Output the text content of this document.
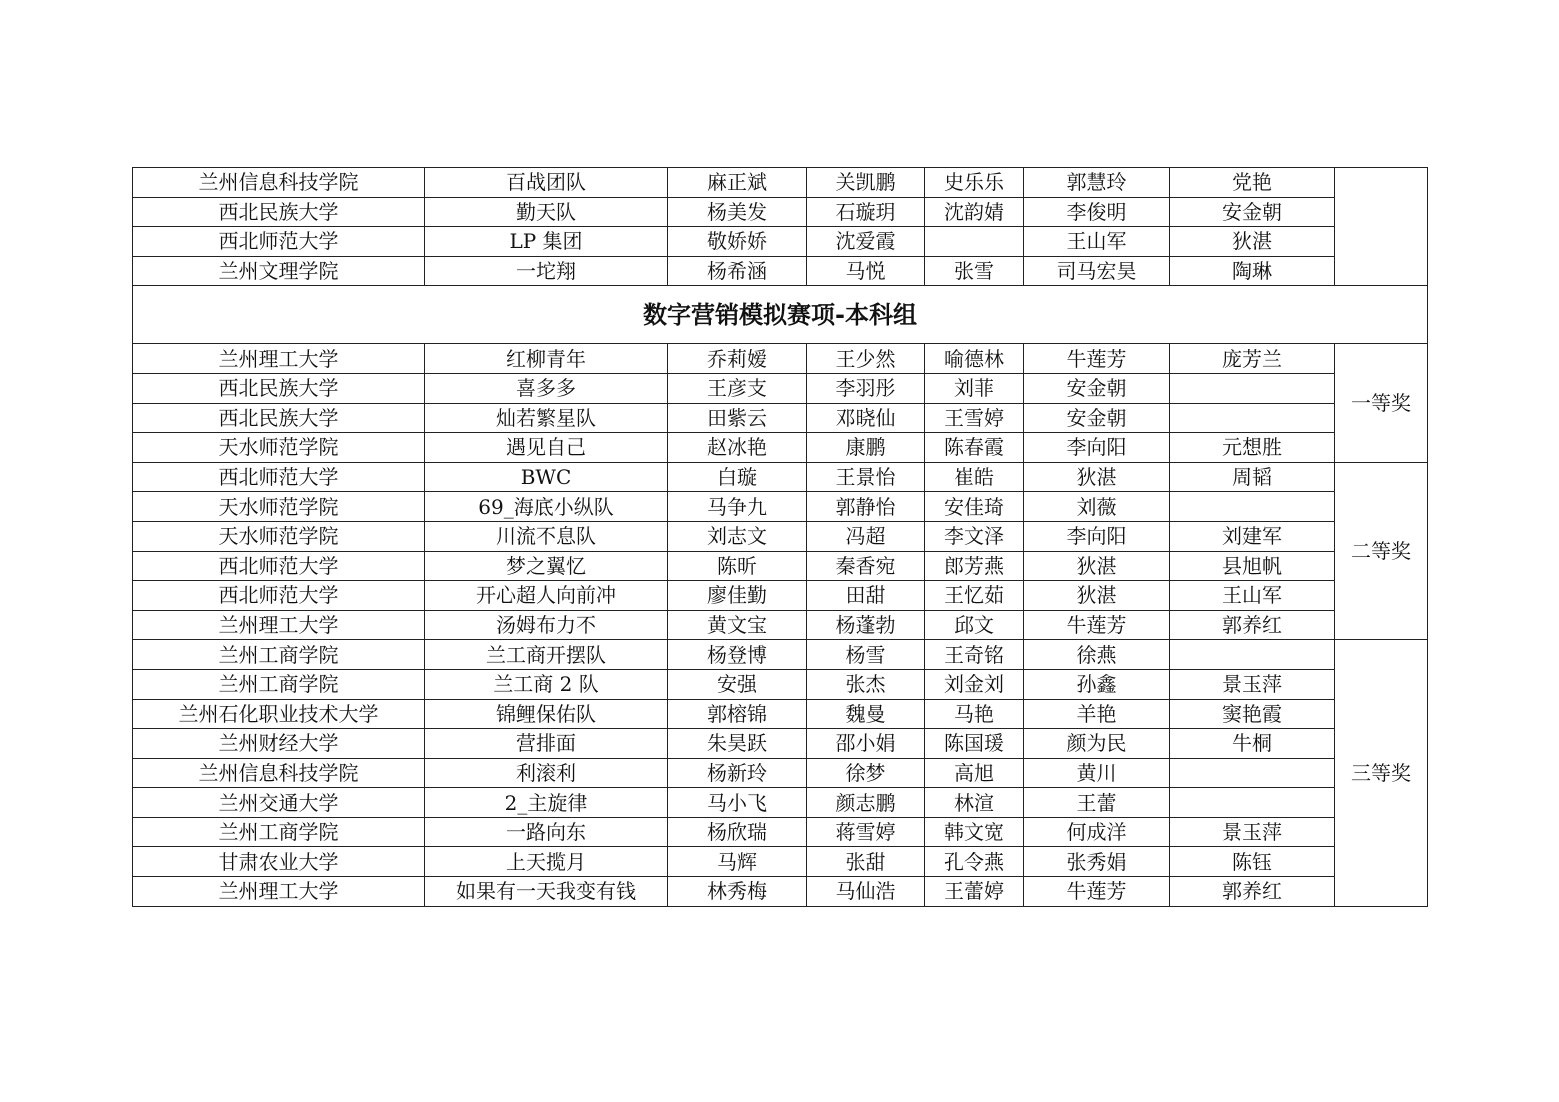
兰州信息科技学院	百战团队	麻正斌	关凯鹏	史乐乐	郭慧玲	党艳	
西北民族大学	勤天队	杨美发	石璇玥	沈韵婧	李俊明	安金朝	
西北师范大学	LP 集团	敬娇娇	沈爱霞		王山军	狄湛	
兰州文理学院	一坨翔	杨希涵	马悦	张雪	司马宏昊	陶琳	
数字营销模拟赛项-本科组							
兰州理工大学	红柳青年	乔莉嫒	王少然	喻德林	牛莲芳	庞芳兰	一等奖
西北民族大学	喜多多	王彦支	李羽彤	刘菲	安金朝		
西北民族大学	灿若繁星队	田紫云	邓晓仙	王雪婷	安金朝		
天水师范学院	遇见自己	赵冰艳	康鹏	陈春霞	李向阳	元想胜	
西北师范大学	BWC	白璇	王景怡	崔皓	狄湛	周韬	二等奖
天水师范学院	69_海底小纵队	马争九	郭静怡	安佳琦	刘薇		
天水师范学院	川流不息队	刘志文	冯超	李文泽	李向阳	刘建军	
西北师范大学	梦之翼忆	陈昕	秦香宛	郎芳燕	狄湛	县旭帆	
西北师范大学	开心超人向前冲	廖佳勤	田甜	王忆茹	狄湛	王山军	
兰州理工大学	汤姆布力不	黄文宝	杨蓬勃	邱文	牛莲芳	郭养红	
兰州工商学院	兰工商开摆队	杨登博	杨雪	王奇铭	徐燕		三等奖
兰州工商学院	兰工商 2 队	安强	张杰	刘金刘	孙鑫	景玉萍	
兰州石化职业技术大学	锦鲤保佑队	郭榕锦	魏曼	马艳	羊艳	窦艳霞	
兰州财经大学	营排面	朱昊跃	邵小娟	陈国瑗	颜为民	牛桐	
兰州信息科技学院	利滚利	杨新玲	徐梦	高旭	黄川		
兰州交通大学	2_主旋律	马小飞	颜志鹏	林渲	王蕾		
兰州工商学院	一路向东	杨欣瑞	蒋雪婷	韩文宽	何成洋	景玉萍	
甘肃农业大学	上天揽月	马辉	张甜	孔令燕	张秀娟	陈钰	
兰州理工大学	如果有一天我变有钱	林秀梅	马仙浩	王蕾婷	牛莲芳	郭养红	
